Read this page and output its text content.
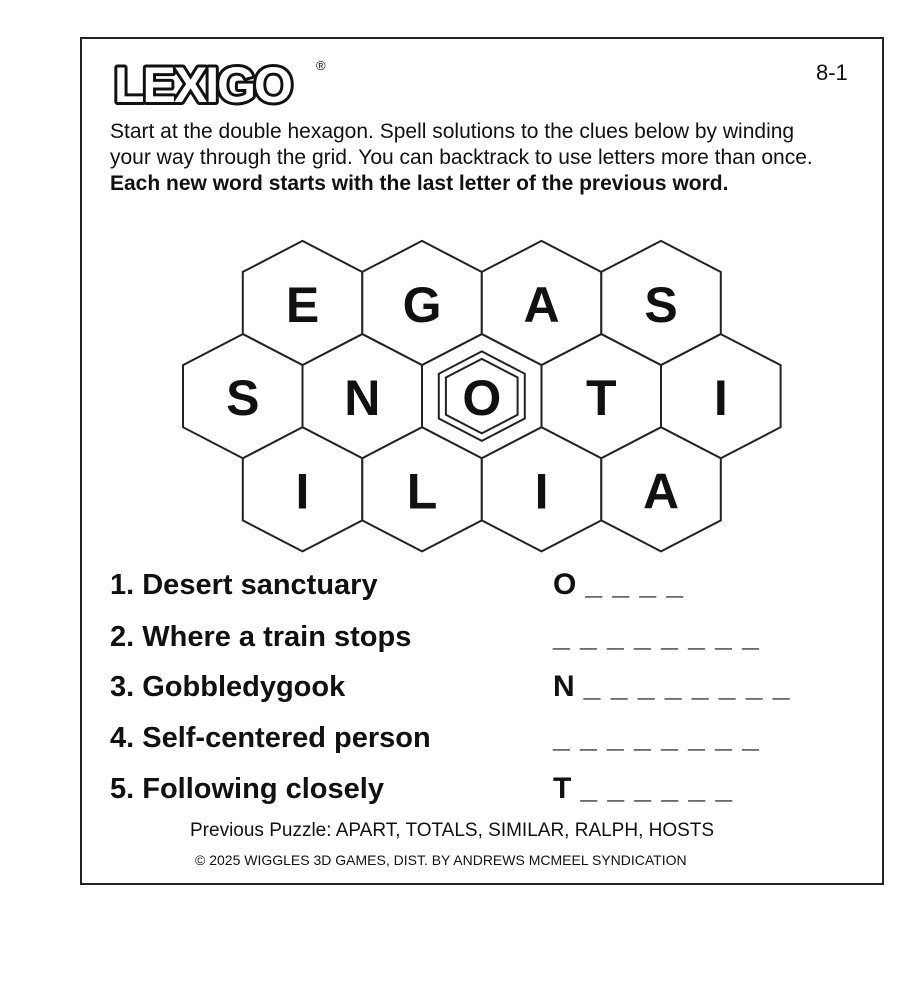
LEXIGO ®	8-1
Start at the double hexagon. Spell solutions to the clues below by winding your way through the grid. You can backtrack to use letters more than once. Each new word starts with the last letter of the previous word.
E G A S
S N O T I
I L I A
1. Desert sanctuary	O _ _ _ _
2. Where a train stops	_ _ _ _ _ _ _ _
3. Gobbledygook	N _ _ _ _ _ _ _ _
4. Self-centered person	_ _ _ _ _ _ _ _
5. Following closely	T _ _ _ _ _ _
Previous Puzzle: APART, TOTALS, SIMILAR, RALPH, HOSTS
© 2025 WIGGLES 3D GAMES, DIST. BY ANDREWS MCMEEL SYNDICATION
